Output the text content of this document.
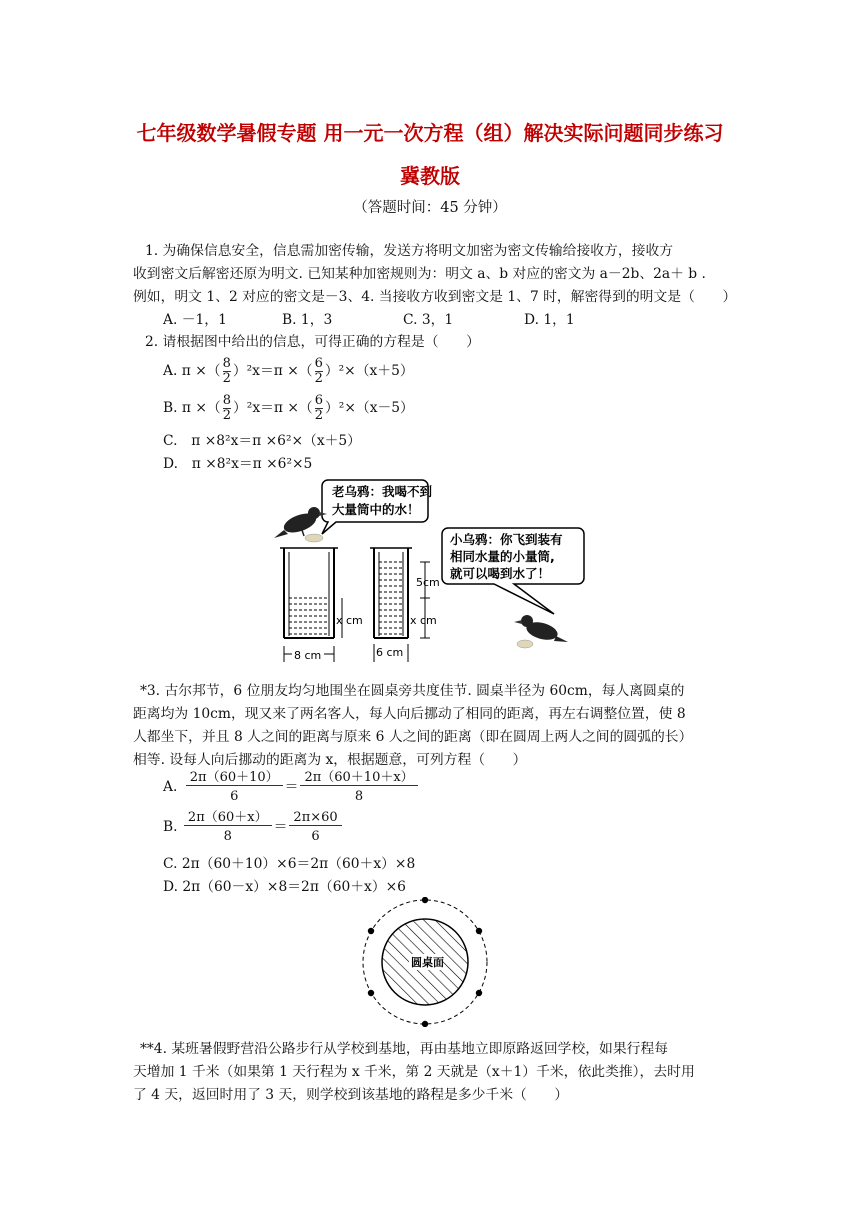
七年级数学暑假专题 用一元一次方程（组）解决实际问题同步练习
冀教版
（答题时间：45 分钟）
1. 为确保信息安全，信息需加密传输，发送方将明文加密为密文传输给接收方，接收方
收到密文后解密还原为明文. 已知某种加密规则为：明文 a、b 对应的密文为 a－2b、2a＋ b .
例如，明文 1、2 对应的密文是－3、4. 当接收方收到密文是 1、7 时，解密得到的明文是（　　）
A. －1，1	B. 1，3	C. 3，1	D. 1，1
2. 请根据图中给出的信息，可得正确的方程是（　　）
A. π ×（ $\frac{8}{2} )^2x=\pi$ ×（ $\frac{6}{2} )^2\times(x+5)$
B. π ×（ $\frac{8}{2} )^2x=\pi$ ×（ $\frac{6}{2} )^2\times(x-5)$
C.　π ×8²x＝π ×6²×（x＋5）
D.　π ×8²x＝π ×6²×5
老乌鸦：我喝不到
大量筒中的水！
8 cm
x cm
5cm
x cm
6 cm
小乌鸦：你飞到装有
相同水量的小量筒,
就可以喝到水了！
*3. 古尔邦节，6 位朋友均匀地围坐在圆桌旁共度佳节. 圆桌半径为 60cm，每人离圆桌的
距离均为 10cm，现又来了两名客人，每人向后挪动了相同的距离，再左右调整位置，使 8
人都坐下，并且 8 人之间的距离与原来 6 人之间的距离（即在圆周上两人之间的圆弧的长）
相等. 设每人向后挪动的距离为 x，根据题意，可列方程（　　）
A. $\frac{2\pi(60+10)}{6} = \frac{2\pi(60+10+x)}{8}$
B. $\frac{2\pi(60+x)}{8} = \frac{2\pi\times 60}{6}$
C. 2π（60＋10）×6＝2π（60＋x）×8
D. 2π（60－x）×8＝2π（60＋x）×6
圆桌面
**4. 某班暑假野营沿公路步行从学校到基地，再由基地立即原路返回学校，如果行程每
天增加 1 千米（如果第 1 天行程为 x 千米，第 2 天就是（x＋1）千米，依此类推），去时用
了 4 天，返回时用了 3 天，则学校到该基地的路程是多少千米（　　）
